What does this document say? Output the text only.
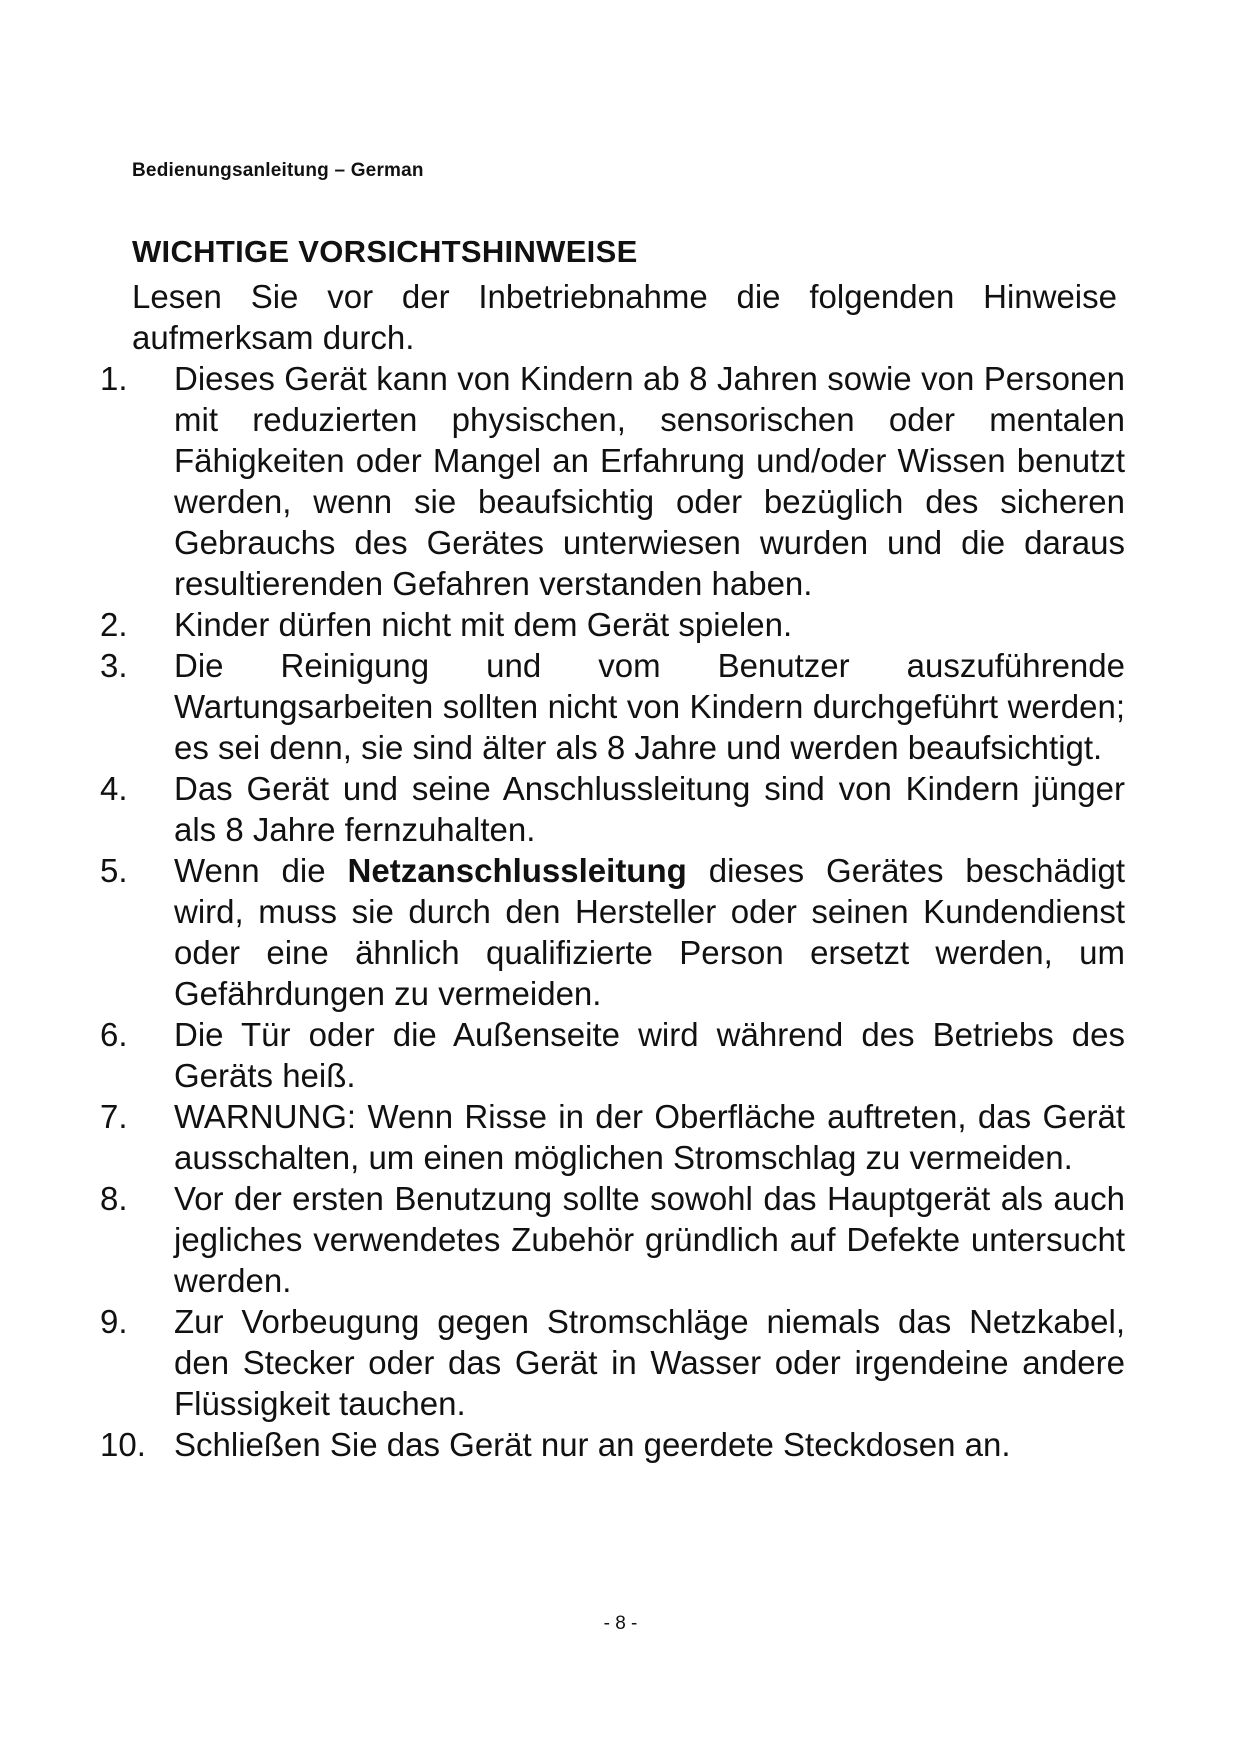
Bedienungsanleitung – German
WICHTIGE VORSICHTSHINWEISE
Lesen Sie vor der Inbetriebnahme die folgenden Hinweise aufmerksam durch.
1.	Dieses Gerät kann von Kindern ab 8 Jahren sowie von Personen mit reduzierten physischen, sensorischen oder mentalen Fähigkeiten oder Mangel an Erfahrung und/oder Wissen benutzt werden, wenn sie beaufsichtig oder bezüglich des sicheren Gebrauchs des Gerätes unterwiesen wurden und die daraus resultierenden Gefahren verstanden haben.
2.	Kinder dürfen nicht mit dem Gerät spielen.
3.	Die Reinigung und vom Benutzer auszuführende Wartungsarbeiten sollten nicht von Kindern durchgeführt werden; es sei denn, sie sind älter als 8 Jahre und werden beaufsichtigt.
4.	Das Gerät und seine Anschlussleitung sind von Kindern jünger als 8 Jahre fernzuhalten.
5.	Wenn die Netzanschlussleitung dieses Gerätes beschädigt wird, muss sie durch den Hersteller oder seinen Kundendienst oder eine ähnlich qualifizierte Person ersetzt werden, um Gefährdungen zu vermeiden.
6.	Die Tür oder die Außenseite wird während des Betriebs des Geräts heiß.
7.	WARNUNG: Wenn Risse in der Oberfläche auftreten, das Gerät ausschalten, um einen möglichen Stromschlag zu vermeiden.
8.	Vor der ersten Benutzung sollte sowohl das Hauptgerät als auch jegliches verwendetes Zubehör gründlich auf Defekte untersucht werden.
9.	Zur Vorbeugung gegen Stromschläge niemals das Netzkabel, den Stecker oder das Gerät in Wasser oder irgendeine andere Flüssigkeit tauchen.
10. Schließen Sie das Gerät nur an geerdete Steckdosen an.
- 8 -
